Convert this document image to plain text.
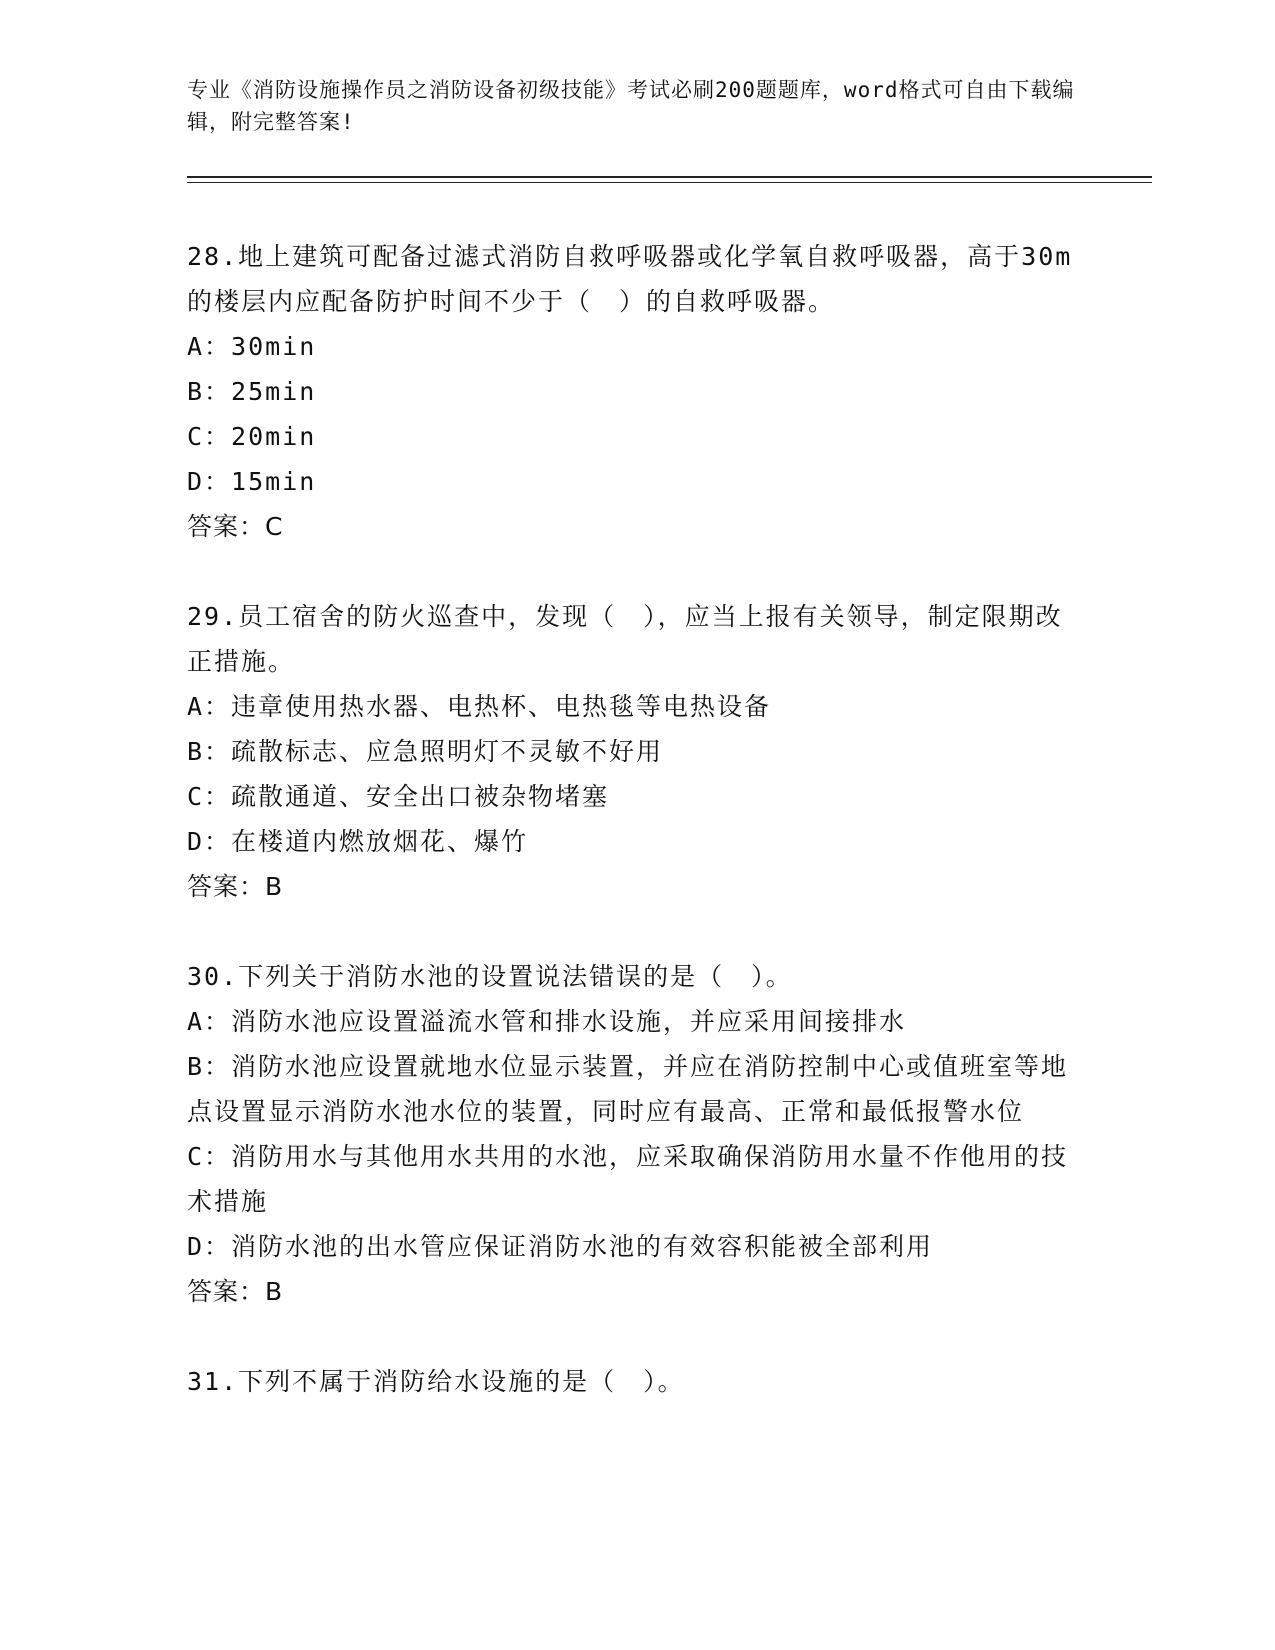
专业《消防设施操作员之消防设备初级技能》考试必刷200题题库，word格式可自由下载编辑，附完整答案!

28.地上建筑可配备过滤式消防自救呼吸器或化学氧自救呼吸器，高于30m的楼层内应配备防护时间不少于（　）的自救呼吸器。

A：30min

B：25min

C：20min

D：15min

答案：C

29.员工宿舍的防火巡查中，发现（　），应当上报有关领导，制定限期改正措施。

A：违章使用热水器、电热杯、电热毯等电热设备

B：疏散标志、应急照明灯不灵敏不好用

C：疏散通道、安全出口被杂物堵塞

D：在楼道内燃放烟花、爆竹

答案：B

30.下列关于消防水池的设置说法错误的是（　）。

A：消防水池应设置溢流水管和排水设施，并应采用间接排水

B：消防水池应设置就地水位显示装置，并应在消防控制中心或值班室等地点设置显示消防水池水位的装置，同时应有最高、正常和最低报警水位

C：消防用水与其他用水共用的水池，应采取确保消防用水量不作他用的技术措施

D：消防水池的出水管应保证消防水池的有效容积能被全部利用

答案：B

31.下列不属于消防给水设施的是（　）。
